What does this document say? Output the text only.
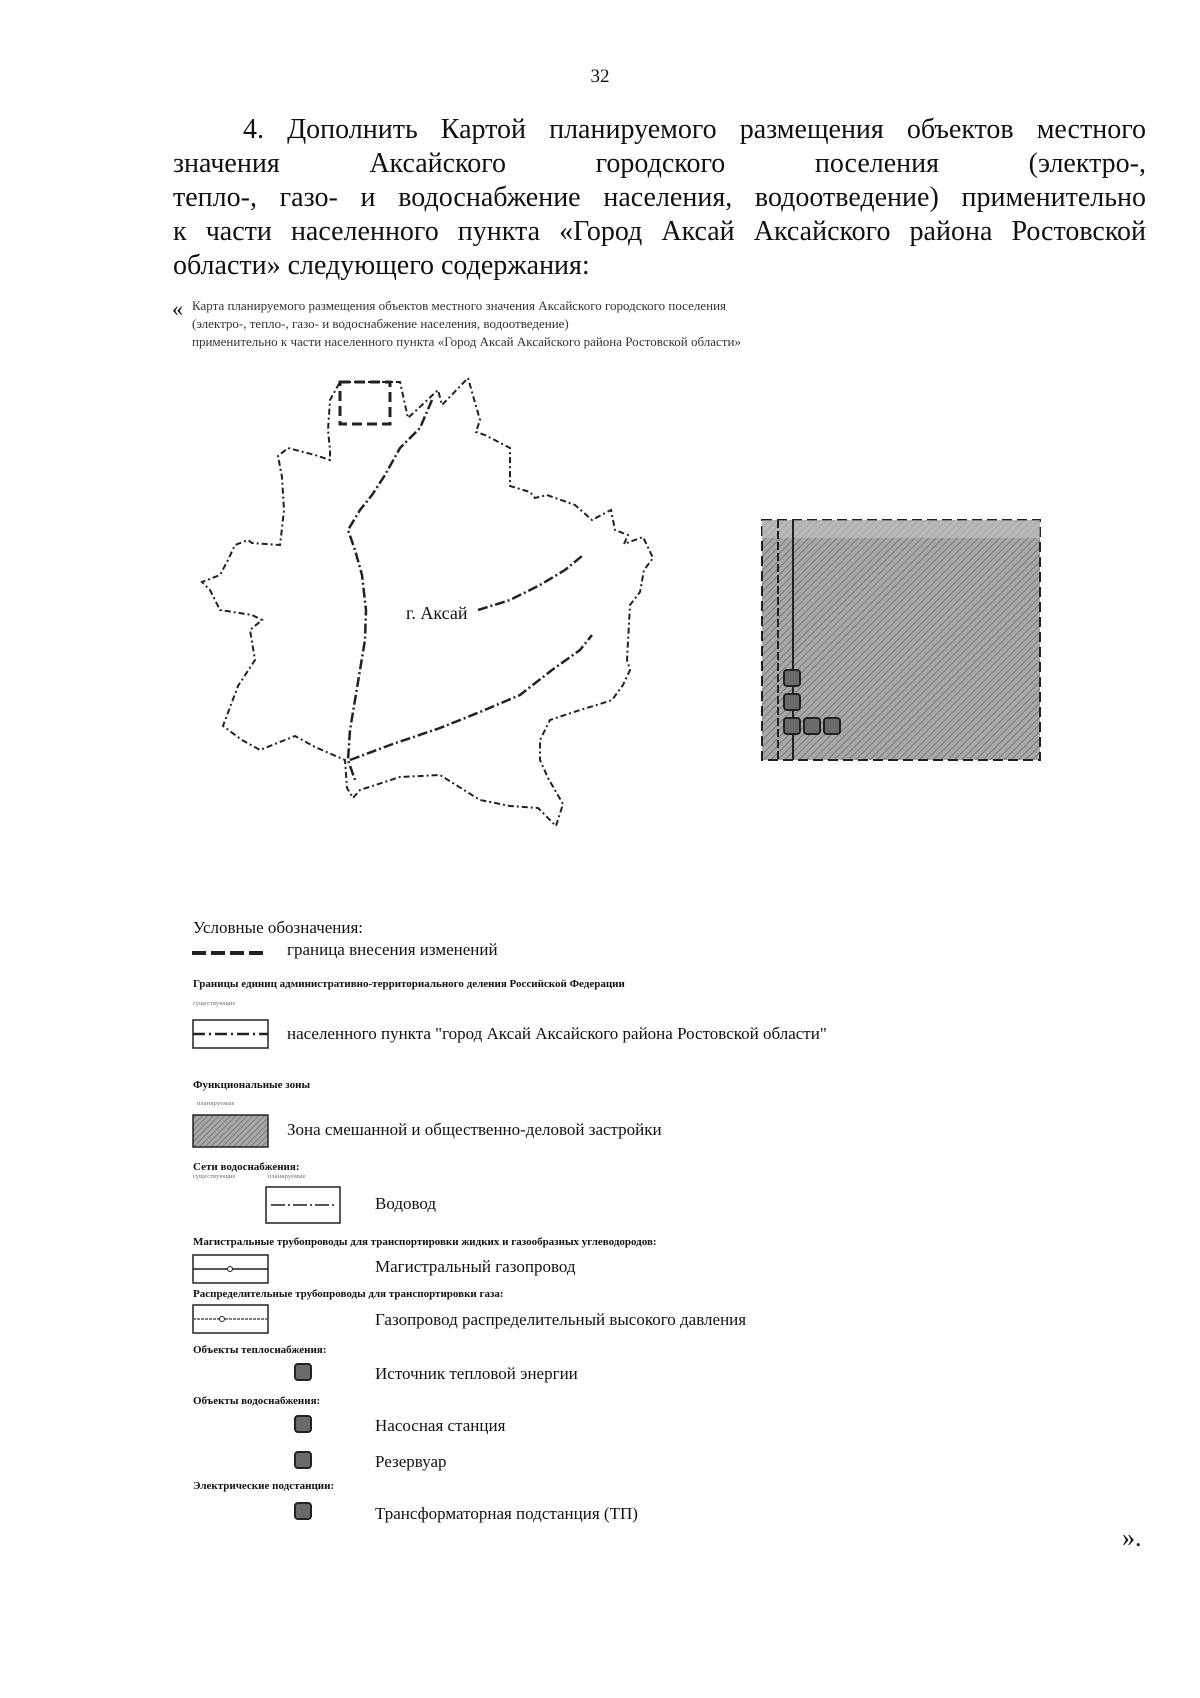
32
4. Дополнить Картой планируемого размещения объектов местного
значения Аксайского городского поселения (электро-,
тепло-, газо- и водоснабжение населения, водоотведение) применительно
к части населенного пункта «Город Аксай Аксайского района Ростовской
области» следующего содержания:
« Карта планируемого размещения объектов местного значения Аксайского городского поселения
(электро-, тепло-, газо- и водоснабжение населения, водоотведение)
применительно к части населенного пункта «Город Аксай Аксайского района Ростовской области»
г. Аксай
Условные обозначения:
граница внесения изменений
Границы единиц административно-территориального деления Российской Федерации
существующие
населенного пункта "город Аксай Аксайского района Ростовской области"
Функциональные зоны
планируемые
Зона смешанной и общественно-деловой застройки
Сети водоснабжения:
существующие	планируемые
Водовод
Магистральные трубопроводы для транспортировки жидких и газообразных углеводородов:
Магистральный газопровод
Распределительные трубопроводы для транспортировки газа:
Газопровод распределительный высокого давления
Объекты теплоснабжения:
Источник тепловой энергии
Объекты водоснабжения:
Насосная станция
Резервуар
Электрические подстанции:
Трансформаторная подстанция (ТП)
».
